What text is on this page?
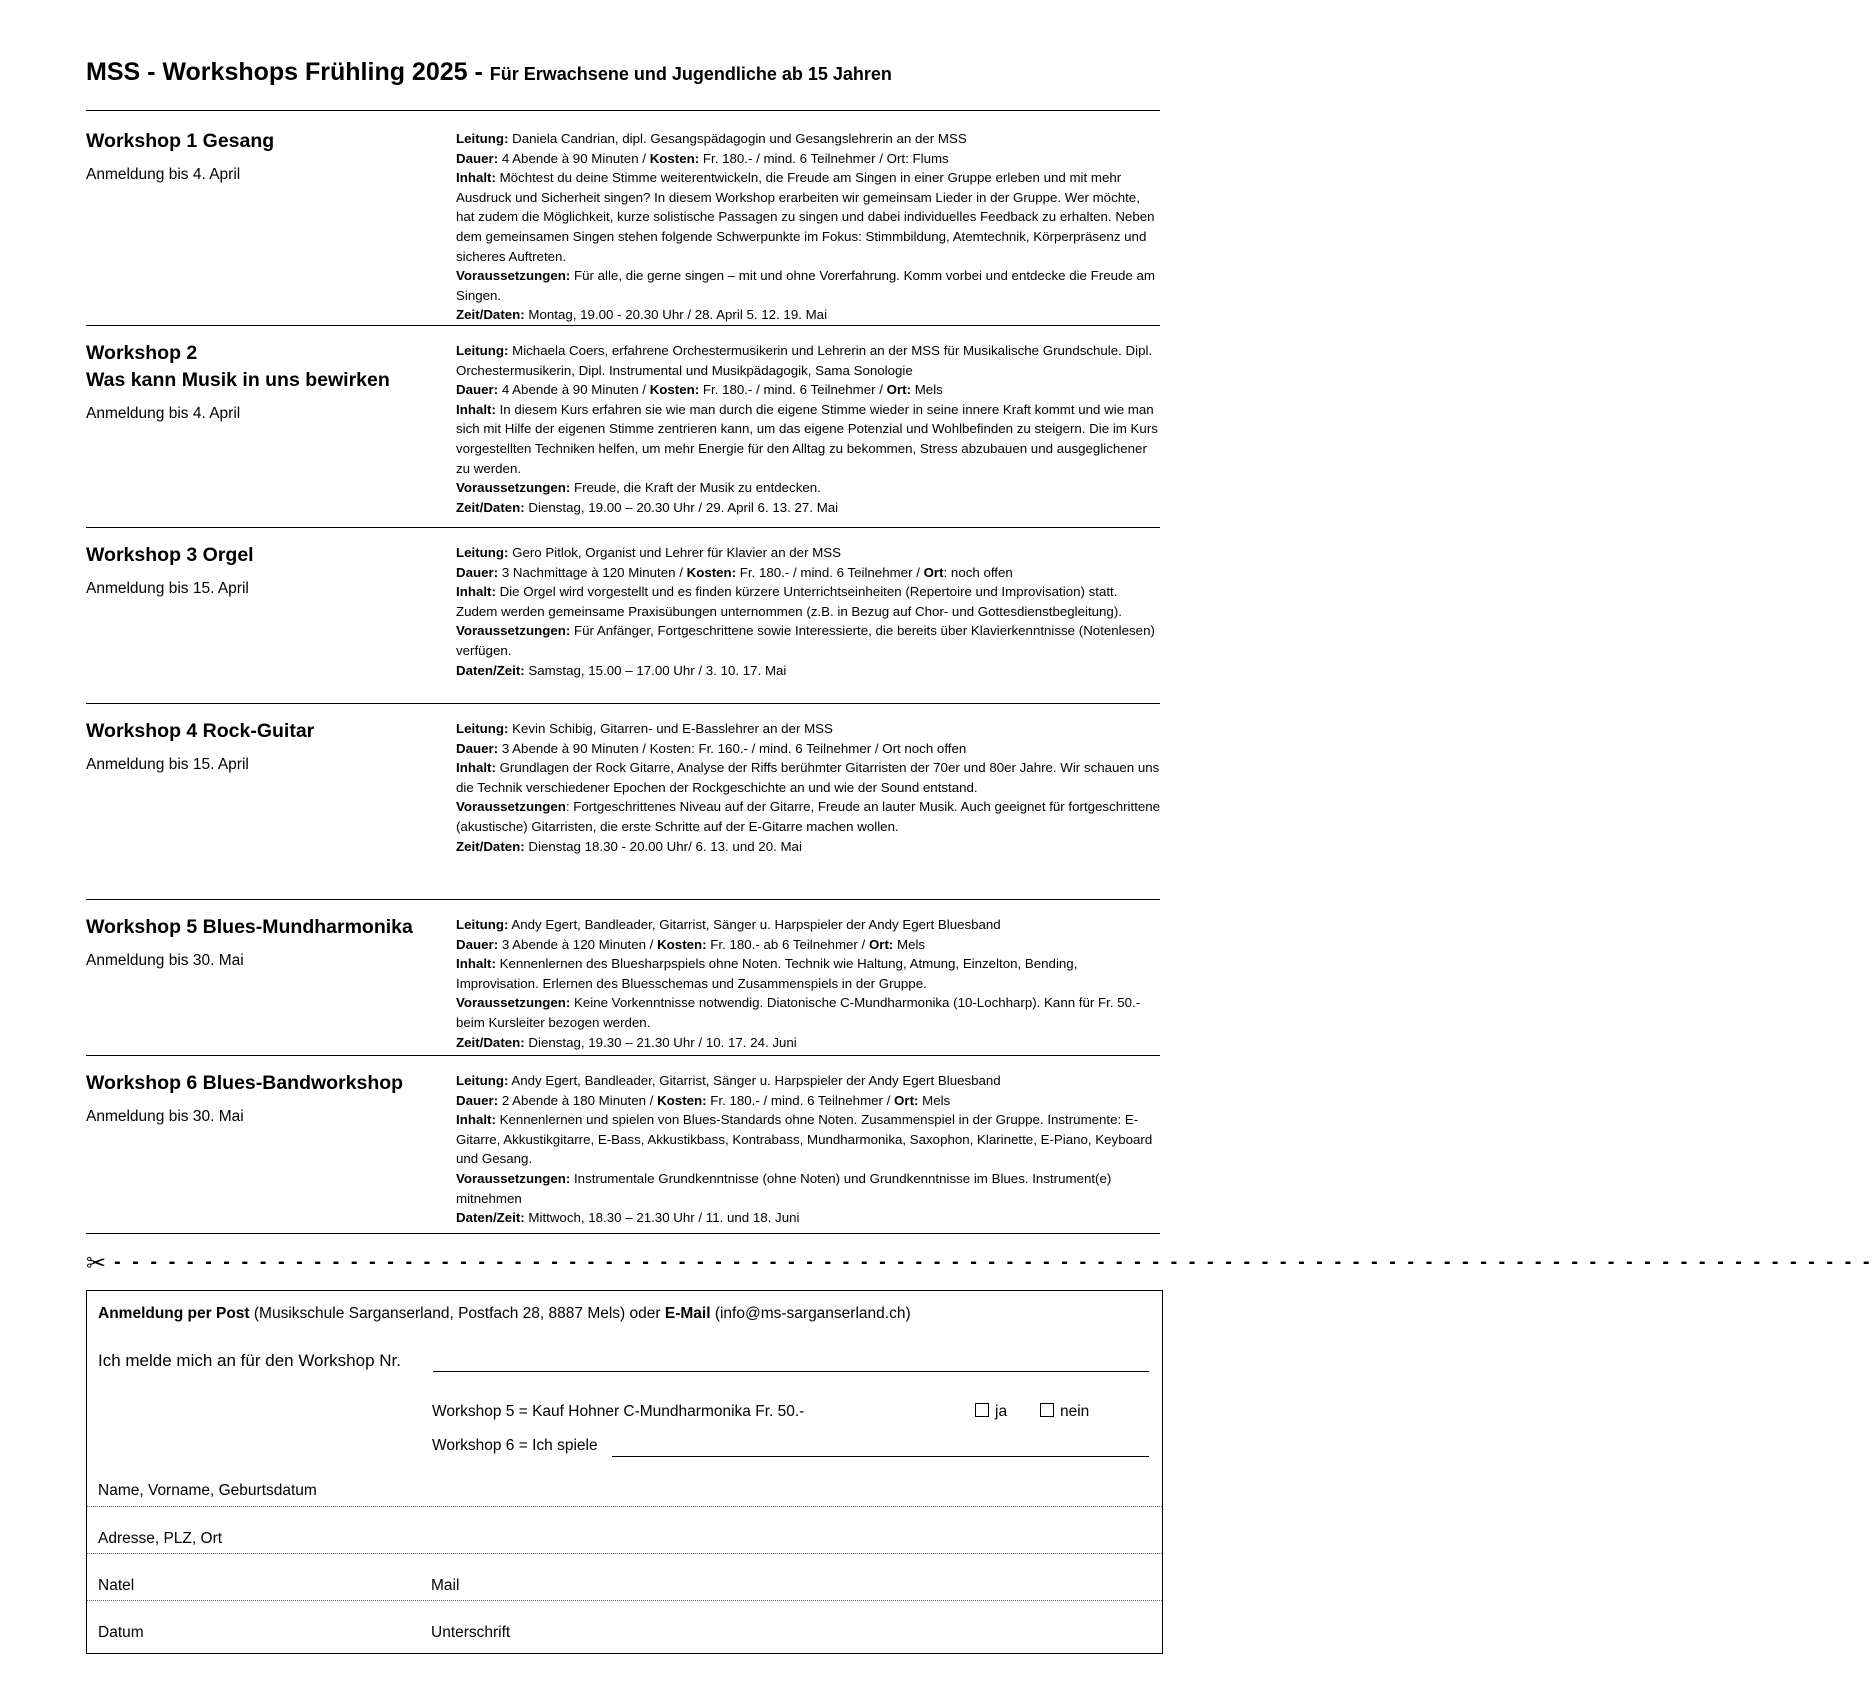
MSS - Workshops Frühling 2025 - Für Erwachsene und Jugendliche ab 15 Jahren
Workshop 1 Gesang
Anmeldung bis 4. April

Leitung: Daniela Candrian, dipl. Gesangspädagogin und Gesangslehrerin an der MSS

Dauer: 4 Abende à 90 Minuten / Kosten: Fr. 180.- / mind. 6 Teilnehmer / Ort: Flums

Inhalt: Möchtest du deine Stimme weiterentwickeln, die Freude am Singen in einer Gruppe erleben und mit mehr Ausdruck und Sicherheit singen? In diesem Workshop erarbeiten wir gemeinsam Lieder in der Gruppe. Wer möchte, hat zudem die Möglichkeit, kurze solistische Passagen zu singen und dabei individuelles Feedback zu erhalten. Neben dem gemeinsamen Singen stehen folgende Schwerpunkte im Fokus: Stimmbildung, Atemtechnik, Körperpräsenz und sicheres Auftreten.

Voraussetzungen: Für alle, die gerne singen – mit und ohne Vorerfahrung. Komm vorbei und entdecke die Freude am Singen.

Zeit/Daten: Montag, 19.00 - 20.30 Uhr / 28. April 5. 12. 19. Mai

Workshop 2
Was kann Musik in uns bewirken
Anmeldung bis 4. April

Leitung: Michaela Coers, erfahrene Orchestermusikerin und Lehrerin an der MSS für Musikalische Grundschule. Dipl. Orchestermusikerin, Dipl. Instrumental und Musikpädagogik, Sama Sonologie

Dauer: 4 Abende à 90 Minuten / Kosten: Fr. 180.- / mind. 6 Teilnehmer / Ort: Mels

Inhalt: In diesem Kurs erfahren sie wie man durch die eigene Stimme wieder in seine innere Kraft kommt und wie man sich mit Hilfe der eigenen Stimme zentrieren kann, um das eigene Potenzial und Wohlbefinden zu steigern. Die im Kurs vorgestellten Techniken helfen, um mehr Energie für den Alltag zu bekommen, Stress abzubauen und ausgeglichener zu werden.

Voraussetzungen: Freude, die Kraft der Musik zu entdecken.

Zeit/Daten: Dienstag, 19.00 – 20.30 Uhr / 29. April 6. 13. 27. Mai

Workshop 3 Orgel
Anmeldung bis 15. April

Leitung: Gero Pitlok, Organist und Lehrer für Klavier an der MSS

Dauer: 3 Nachmittage à 120 Minuten / Kosten: Fr. 180.- / mind. 6 Teilnehmer / Ort: noch offen

Inhalt: Die Orgel wird vorgestellt und es finden kürzere Unterrichtseinheiten (Repertoire und Improvisation) statt. Zudem werden gemeinsame Praxisübungen unternommen (z.B. in Bezug auf Chor- und Gottesdienstbegleitung).

Voraussetzungen: Für Anfänger, Fortgeschrittene sowie Interessierte, die bereits über Klavierkenntnisse (Notenlesen) verfügen.

Daten/Zeit: Samstag, 15.00 – 17.00 Uhr / 3. 10. 17. Mai

Workshop 4 Rock-Guitar
Anmeldung bis 15. April

Leitung: Kevin Schibig, Gitarren- und E-Basslehrer an der MSS

Dauer: 3 Abende à 90 Minuten / Kosten: Fr. 160.- / mind. 6 Teilnehmer / Ort noch offen

Inhalt: Grundlagen der Rock Gitarre, Analyse der Riffs berühmter Gitarristen der 70er und 80er Jahre. Wir schauen uns die Technik verschiedener Epochen der Rockgeschichte an und wie der Sound entstand.

Voraussetzungen: Fortgeschrittenes Niveau auf der Gitarre, Freude an lauter Musik. Auch geeignet für fortgeschrittene (akustische) Gitarristen, die erste Schritte auf der E-Gitarre machen wollen.

Zeit/Daten: Dienstag 18.30 - 20.00 Uhr/ 6. 13. und 20. Mai

Workshop 5 Blues-Mundharmonika
Anmeldung bis 30. Mai

Leitung: Andy Egert, Bandleader, Gitarrist, Sänger u. Harpspieler der Andy Egert Bluesband

Dauer: 3 Abende à 120 Minuten / Kosten: Fr. 180.- ab 6 Teilnehmer / Ort: Mels

Inhalt: Kennenlernen des Bluesharpspiels ohne Noten. Technik wie Haltung, Atmung, Einzelton, Bending, Improvisation. Erlernen des Bluesschemas und Zusammenspiels in der Gruppe.

Voraussetzungen: Keine Vorkenntnisse notwendig. Diatonische C-Mundharmonika (10-Lochharp). Kann für Fr. 50.- beim Kursleiter bezogen werden.

Zeit/Daten: Dienstag, 19.30 – 21.30 Uhr / 10. 17. 24. Juni

Workshop 6 Blues-Bandworkshop
Anmeldung bis 30. Mai

Leitung: Andy Egert, Bandleader, Gitarrist, Sänger u. Harpspieler der Andy Egert Bluesband

Dauer: 2 Abende à 180 Minuten / Kosten: Fr. 180.- / mind. 6 Teilnehmer / Ort: Mels

Inhalt: Kennenlernen und spielen von Blues-Standards ohne Noten. Zusammenspiel in der Gruppe. Instrumente: E-Gitarre, Akkustikgitarre, E-Bass, Akkustikbass, Kontrabass, Mundharmonika, Saxophon, Klarinette, E-Piano, Keyboard und Gesang.

Voraussetzungen: Instrumentale Grundkenntnisse (ohne Noten) und Grundkenntnisse im Blues. Instrument(e) mitnehmen

Daten/Zeit: Mittwoch, 18.30 – 21.30 Uhr / 11. und 18. Juni

✂ - - - - - - - - - - - - - - - - - - - - - - - - - - - - - - - - - - - - - - - - - - - - - - - - - - - - - - - - - - - - - - - - - - - - - - - - - - - - - - - - - - - - - - - - - - - - - - - - -
Anmeldung per Post (Musikschule Sarganserland, Postfach 28, 8887 Mels) oder E-Mail (info@ms-sarganserland.ch)
Ich melde mich an für den Workshop Nr.
Workshop 5 = Kauf Hohner C-Mundharmonika Fr. 50.-	ja	nein
Workshop 6 = Ich spiele
Name, Vorname, Geburtsdatum
Adresse, PLZ, Ort
Natel	Mail
Datum	Unterschrift
